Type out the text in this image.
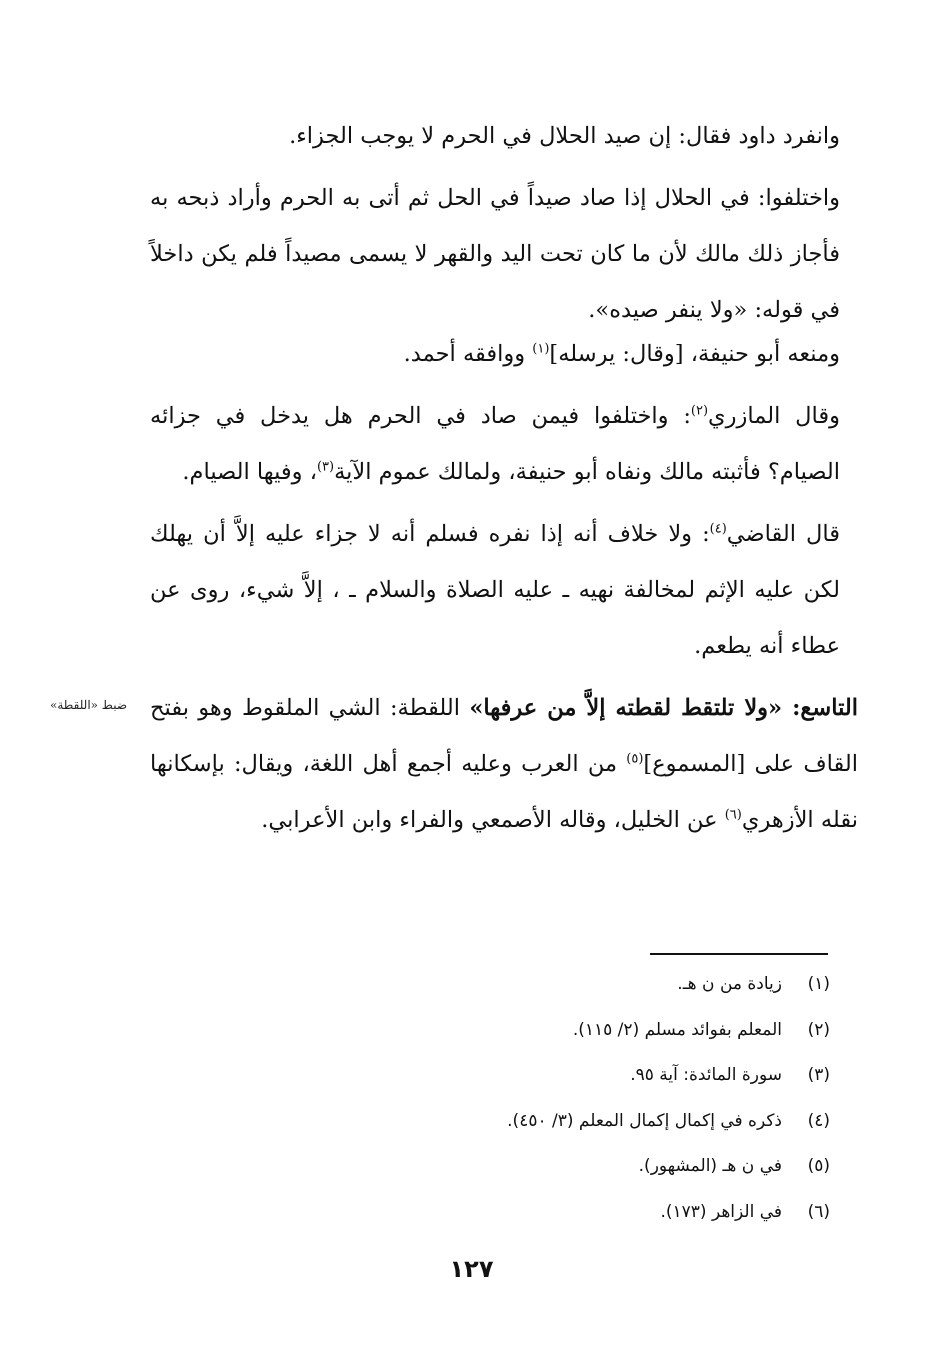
وانفرد داود فقال: إن صيد الحلال في الحرم لا يوجب الجزاء.

واختلفوا: في الحلال إذا صاد صيداً في الحل ثم أتى به الحرم وأراد ذبحه به فأجاز ذلك مالك لأن ما كان تحت اليد والقهر لا يسمى مصيداً فلم يكن داخلاً في قوله: «ولا ينفر صيده».

ومنعه أبو حنيفة، [وقال: يرسله]$^{(١)}$ ووافقه أحمد.

وقال المازري$^{(٢)}$: واختلفوا فيمن صاد في الحرم هل يدخل في جزائه الصيام؟ فأثبته مالك ونفاه أبو حنيفة، ولمالك عموم الآية$^{(٣)}$، وفيها الصيام.

قال القاضي$^{(٤)}$: ولا خلاف أنه إذا نفره فسلم أنه لا جزاء عليه إلاَّ أن يهلك لكن عليه الإثم لمخالفة نهيه ـ عليه الصلاة والسلام ـ ، إلاَّ شيء، روى عن عطاء أنه يطعم.

التاسع: «ولا تلتقط لقطته إلاَّ من عرفها» اللقطة: الشي الملقوط وهو بفتح القاف على [المسموع]$^{(٥)}$ من العرب وعليه أجمع أهل اللغة، ويقال: بإسكانها نقله الأزهري$^{(٦)}$ عن الخليل، وقاله الأصمعي والفراء وابن الأعرابي.

ضبط «اللقطة»
(١)
زيادة من ن هـ.
(٢)
المعلم بفوائد مسلم (٢/ ١١٥).
(٣)
سورة المائدة: آية ٩٥.
(٤)
ذكره في إكمال إكمال المعلم (٣/ ٤٥٠).
(٥)
في ن هـ (المشهور).
(٦)
في الزاهر (١٧٣).
١٢٧
